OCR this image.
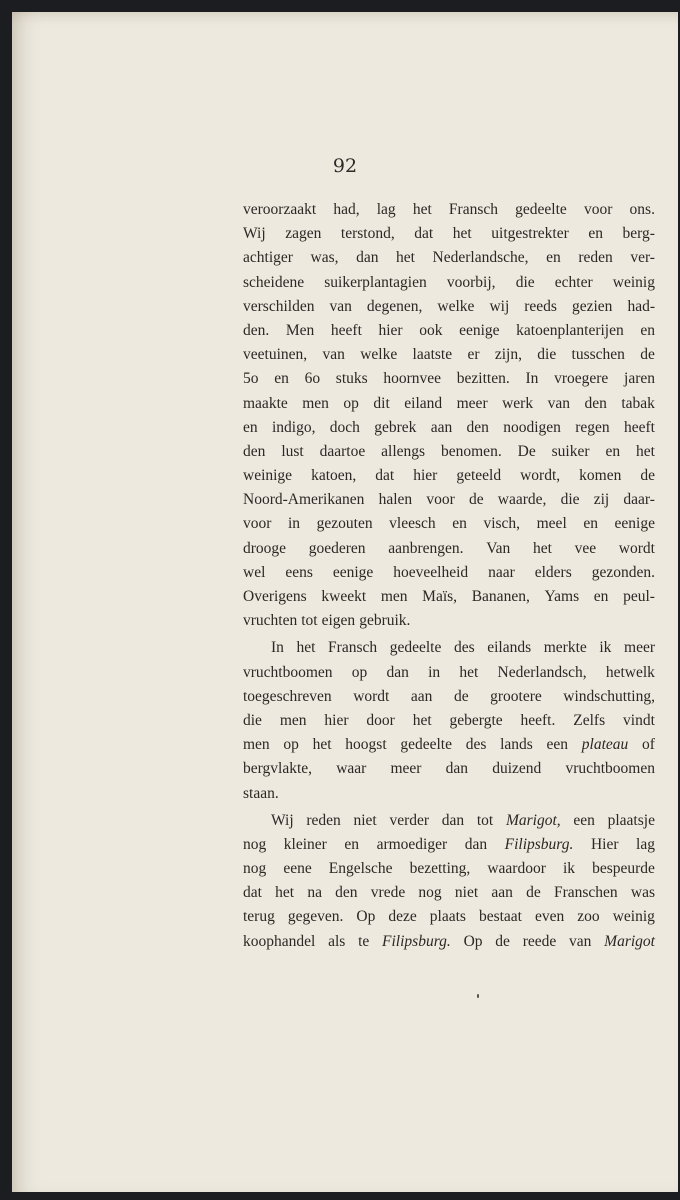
92
veroorzaakt had, lag het Fransch gedeelte voor ons.
Wij zagen terstond, dat het uitgestrekter en berg-
achtiger was, dan het Nederlandsche, en reden ver-
scheidene suikerplantagien voorbij, die echter weinig
verschilden van degenen, welke wij reeds gezien had-
den. Men heeft hier ook eenige katoenplanterijen en
veetuinen, van welke laatste er zijn, die tusschen de
5o en 6o stuks hoornvee bezitten. In vroegere jaren
maakte men op dit eiland meer werk van den tabak
en indigo, doch gebrek aan den noodigen regen heeft
den lust daartoe allengs benomen. De suiker en het
weinige katoen, dat hier geteeld wordt, komen de
Noord-Amerikanen halen voor de waarde, die zij daar-
voor in gezouten vleesch en visch, meel en eenige
drooge goederen aanbrengen. Van het vee wordt
wel eens eenige hoeveelheid naar elders gezonden.
Overigens kweekt men Maïs, Bananen, Yams en peul-
vruchten tot eigen gebruik.
In het Fransch gedeelte des eilands merkte ik meer
vruchtboomen op dan in het Nederlandsch, hetwelk
toegeschreven wordt aan de grootere windschutting,
die men hier door het gebergte heeft. Zelfs vindt
men op het hoogst gedeelte des lands een plateau of
bergvlakte, waar meer dan duizend vruchtboomen
staan.
Wij reden niet verder dan tot Marigot, een plaatsje
nog kleiner en armoediger dan Filipsburg. Hier lag
nog eene Engelsche bezetting, waardoor ik bespeurde
dat het na den vrede nog niet aan de Franschen was
terug gegeven. Op deze plaats bestaat even zoo weinig
koophandel als te Filipsburg. Op de reede van Marigot
